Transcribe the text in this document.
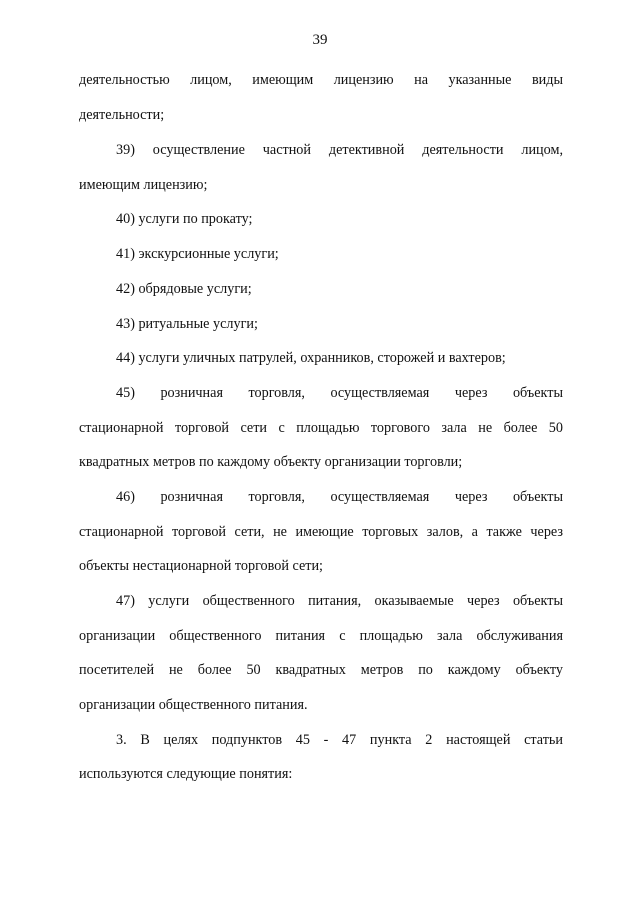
39
деятельностью лицом, имеющим лицензию на указанные виды
деятельности;
39) осуществление частной детективной деятельности лицом,
имеющим лицензию;
40) услуги по прокату;
41) экскурсионные услуги;
42) обрядовые услуги;
43) ритуальные услуги;
44) услуги уличных патрулей, охранников, сторожей и вахтеров;
45) розничная торговля, осуществляемая через объекты
стационарной торговой сети с площадью торгового зала не более 50
квадратных метров по каждому объекту организации торговли;
46) розничная торговля, осуществляемая через объекты
стационарной торговой сети, не имеющие торговых залов, а также через
объекты нестационарной торговой сети;
47) услуги общественного питания, оказываемые через объекты
организации общественного питания с площадью зала обслуживания
посетителей не более 50 квадратных метров по каждому объекту
организации общественного питания.
3. В целях подпунктов 45 - 47 пункта 2 настоящей статьи
используются следующие понятия:
